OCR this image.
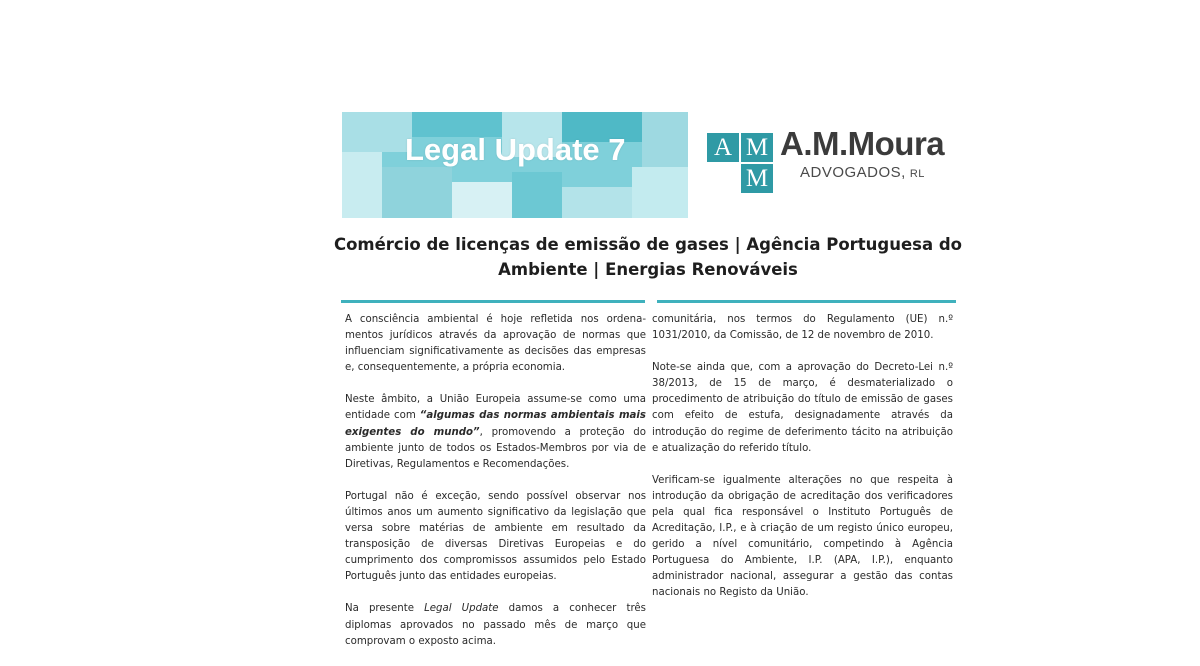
Legal Update 7	A M
M
A.M.Moura
ADVOGADOS, RL
Comércio de licenças de emissão de gases | Agência Portuguesa do Ambiente | Energias Renováveis

A consciência ambiental é hoje refletida nos ordena-mentos jurídicos através da aprovação de normas que influenciam significativamente as decisões das empresas e, consequentemente, a própria economia.

Neste âmbito, a União Europeia assume-se como uma entidade com “algumas das normas ambientais mais exigentes do mundo”, promovendo a proteção do ambiente junto de todos os Estados-Membros por via de Diretivas, Regulamentos e Recomendações.

Portugal não é exceção, sendo possível observar nos últimos anos um aumento significativo da legislação que versa sobre matérias de ambiente em resultado da transposição de diversas Diretivas Europeias e do cumprimento dos compromissos assumidos pelo Estado Português junto das entidades europeias.

Na presente Legal Update damos a conhecer três diplomas aprovados no passado mês de março que comprovam o exposto acima.

comunitária, nos termos do Regulamento (UE) n.º 1031/2010, da Comissão, de 12 de novembro de 2010.

Note-se ainda que, com a aprovação do Decreto-Lei n.º 38/2013, de 15 de março, é desmaterializado o procedimento de atribuição do título de emissão de gases com efeito de estufa, designadamente através da introdução do regime de deferimento tácito na atribuição e atualização do referido título.

Verificam-se igualmente alterações no que respeita à introdução da obrigação de acreditação dos verificadores pela qual fica responsável o Instituto Português de Acreditação, I.P., e à criação de um registo único europeu, gerido a nível comunitário, competindo à Agência Portuguesa do Ambiente, I.P. (APA, I.P.), enquanto administrador nacional, assegurar a gestão das contas nacionais no Registo da União.
